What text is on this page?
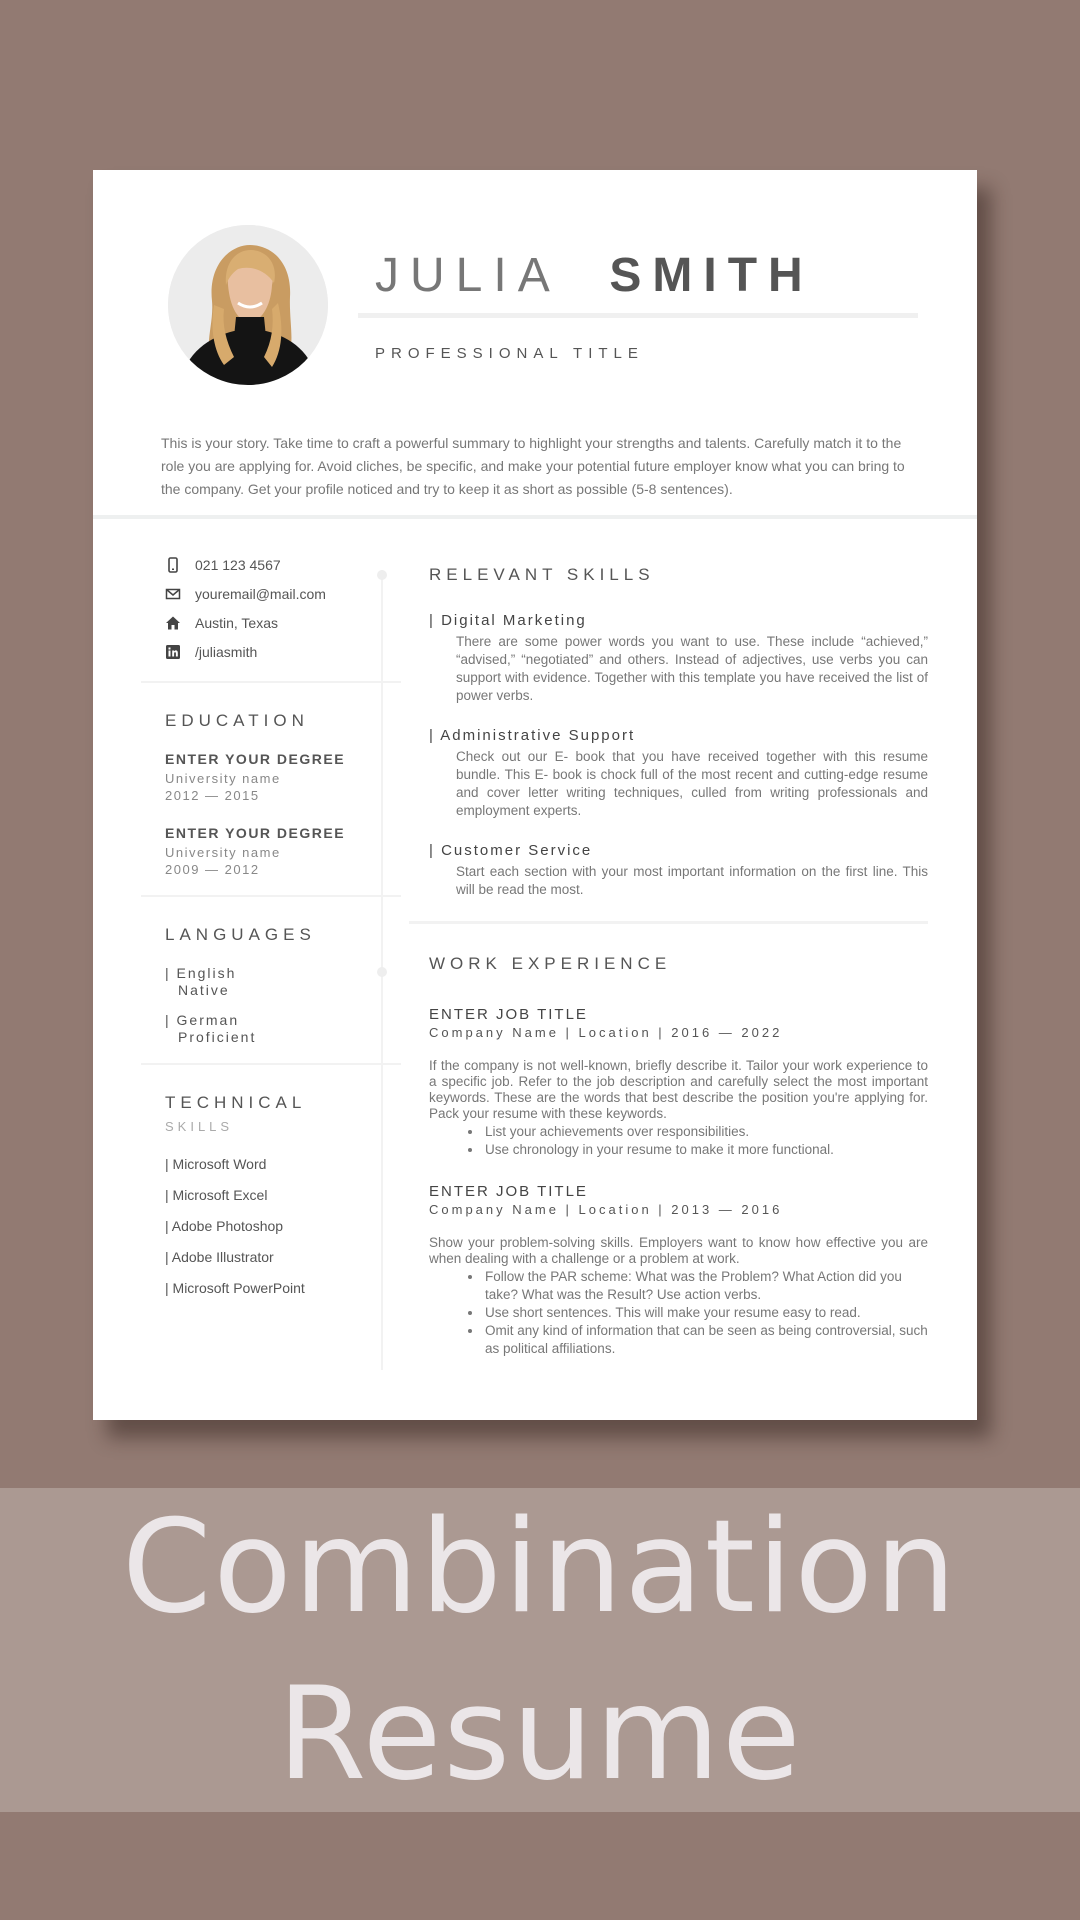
JULIA SMITH
PROFESSIONAL TITLE

This is your story. Take time to craft a powerful summary to highlight your strengths and talents. Carefully match it to the role you are applying for. Avoid cliches, be specific, and make your potential future employer know what you can bring to the company. Get your profile noticed and try to keep it as short as possible (5-8 sentences).

021 123 4567
youremail@mail.com
Austin, Texas
/juliasmith
EDUCATION
ENTER YOUR DEGREE
University name
2012 — 2015
ENTER YOUR DEGREE
University name
2009 — 2012
LANGUAGES
| English
Native
| German
Proficient
TECHNICAL
SKILLS
| Microsoft Word
| Microsoft Excel
| Adobe Photoshop
| Adobe Illustrator
| Microsoft PowerPoint
RELEVANT SKILLS
| Digital Marketing
There are some power words you want to use. These include “achieved,” “advised,” “negotiated” and others. Instead of adjectives, use verbs you can support with evidence. Together with this template you have received the list of power verbs.
| Administrative Support
Check out our E- book that you have received together with this resume bundle. This E- book is chock full of the most recent and cutting-edge resume and cover letter writing techniques, culled from writing professionals and employment experts.
| Customer Service
Start each section with your most important information on the first line. This will be read the most.
WORK EXPERIENCE
ENTER JOB TITLE
Company Name | Location | 2016 — 2022
If the company is not well-known, briefly describe it. Tailor your work experience to a specific job. Refer to the job description and carefully select the most important keywords. These are the words that best describe the position you're applying for. Pack your resume with these keywords.
• List your achievements over responsibilities.
• Use chronology in your resume to make it more functional.
ENTER JOB TITLE
Company Name | Location | 2013 — 2016
Show your problem-solving skills. Employers want to know how effective you are when dealing with a challenge or a problem at work.
• Follow the PAR scheme: What was the Problem? What Action did you take? What was the Result? Use action verbs.
• Use short sentences. This will make your resume easy to read.
• Omit any kind of information that can be seen as being controversial, such as political affiliations.
Combination
Resume
